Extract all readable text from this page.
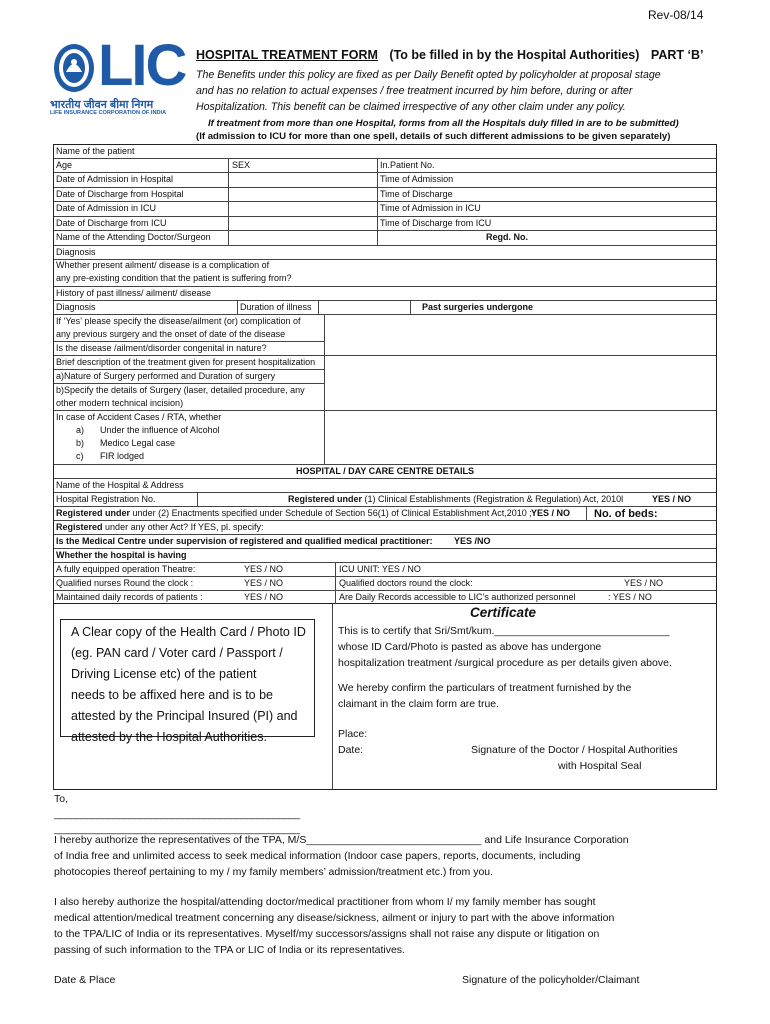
Rev-08/14
LIC
भारतीय जीवन बीमा निगम
LIFE INSURANCE CORPORATION OF INDIA
HOSPITAL TREATMENT FORM (To be filled in by the Hospital Authorities) PART ‘B’
The Benefits under this policy are fixed as per Daily Benefit opted by policyholder at proposal stage
and has no relation to actual expenses / free treatment incurred by him before, during or after
Hospitalization. This benefit can be claimed irrespective of any other claim under any policy.
If treatment from more than one Hospital, forms from all the Hospitals duly filled in are to be submitted)
(If admission to ICU for more than one spell, details of such different admissions to be given separately)
Name of the patient
Age	SEX	In.Patient No.
Date of Admission in Hospital	Time of Admission
Date of Discharge from Hospital	Time of Discharge
Date of Admission in ICU	Time of Admission in ICU
Date of Discharge from ICU	Time of Discharge from ICU
Name of the Attending Doctor/Surgeon	Regd. No.
Diagnosis
Whether present ailment/ disease is a complication of
any pre-existing condition that the patient is suffering from?
History of past illness/ ailment/ disease
Diagnosis	Duration of illness	Past surgeries undergone
If ‘Yes’ please specify the disease/ailment (or) complication of
any previous surgery and the onset of date of the disease
Is the disease /ailment/disorder congenital in nature?
Brief description of the treatment given for present hospitalization
a)Nature of Surgery performed and Duration of surgery
b)Specify the details of Surgery (laser, detailed procedure, any
other modern technical incision)
In case of Accident Cases / RTA, whether
a) Under the influence of Alcohol
b) Medico Legal case
c) FIR lodged
HOSPITAL / DAY CARE CENTRE DETAILS
Name of the Hospital & Address
Hospital Registration No.	Registered under (1) Clinical Establishments (Registration & Regulation) Act, 2010l	YES / NO
Registered under under (2) Enactments specified under Schedule of Section 56(1) of Clinical Establishment Act,2010 ; YES / NO No. of beds:
Registered under any other Act? If YES, pl. specify:
Is the Medical Centre under supervision of registered and qualified medical practitioner: YES /NO
Whether the hospital is having
A fully equipped operation Theatre:	YES / NO	ICU UNIT: YES / NO
Qualified nurses Round the clock :	YES / NO	Qualified doctors round the clock:	YES / NO
Maintained daily records of patients :	YES / NO	Are Daily Records accessible to LIC’s authorized personnel	: YES / NO
A Clear copy of the Health Card / Photo ID
(eg. PAN card / Voter card / Passport /
Driving License etc) of the patient
needs to be affixed here and is to be
attested by the Principal Insured (PI) and
attested by the Hospital Authorities.
Certificate
This is to certify that Sri/Smt/kum.______________________________
whose ID Card/Photo is pasted as above has undergone
hospitalization treatment /surgical procedure as per details given above.
We hereby confirm the particulars of treatment furnished by the
claimant in the claim form are true.
Place:
Date:	Signature of the Doctor / Hospital Authorities
with Hospital Seal
To,
______________________________________________
______________________________________________
I hereby authorize the representatives of the TPA, M/S______________________________ and Life Insurance Corporation
of India free and unlimited access to seek medical information (Indoor case papers, reports, documents, including
photocopies thereof pertaining to my / my family members’ admission/treatment etc.) from you.
I also hereby authorize the hospital/attending doctor/medical practitioner from whom I/ my family member has sought
medical attention/medical treatment concerning any disease/sickness, ailment or injury to part with the above information
to the TPA/LIC of India or its representatives. Myself/my successors/assigns shall not raise any dispute or litigation on
passing of such information to the TPA or LIC of India or its representatives.
Date & Place	Signature of the policyholder/Claimant
